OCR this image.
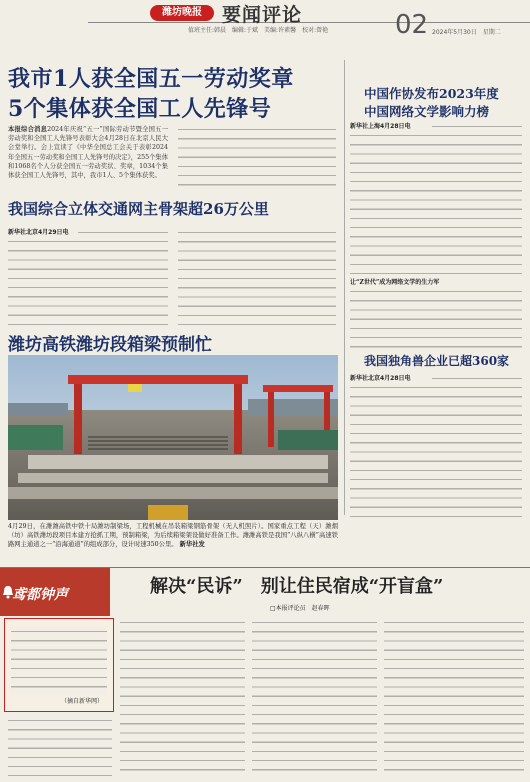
潍坊晚报	要闻评论
值班主任:韩晨　编辑:于斌　美编:许素馨　校对:曾艳	02 2024年5月30日　星期二
我市1人获全国五一劳动奖章
5个集体获全国工人先锋号
本报综合消息2024年庆祝“五一”国际劳动节暨全国五一劳动奖和全国工人先锋号表彰大会4月28日在北京人民大会堂举行。会上宣读了《中华全国总工会关于表彰2024年全国五一劳动奖和全国工人先锋号的决定》，255个集体和1068名个人分获全国五一劳动奖状、奖章，1034个集体获全国工人先锋号，其中，我市1人、5个集体获奖。
我国综合立体交通网主骨架超26万公里
新华社北京4月29日电
潍坊高铁潍坊段箱梁预制忙
4月29日，在潍潍高铁中铁十局潍坊制梁场，工程机械在吊装箱梁钢筋骨架（无人机照片）。国家重点工程（天）潍烟（坊）高铁潍坊段项目本建方抢抓工期，预制箱梁，为后续箱梁架设做好准备工作。潍潍高铁是我国“八纵八横”高速铁路网主通道之一“沿海通道”的组成部分，设计时速350公里。 新华社发
中国作协发布2023年度
中国网络文学影响力榜
新华社上海4月28日电
让“Z世代”成为网络文学的生力军
我国独角兽企业已超360家
新华社北京4月28日电
鸢都钟声	解决“民诉”　别让住民宿成“开盲盒”
□本报评论员　赵春晖
（摘自新华网）
